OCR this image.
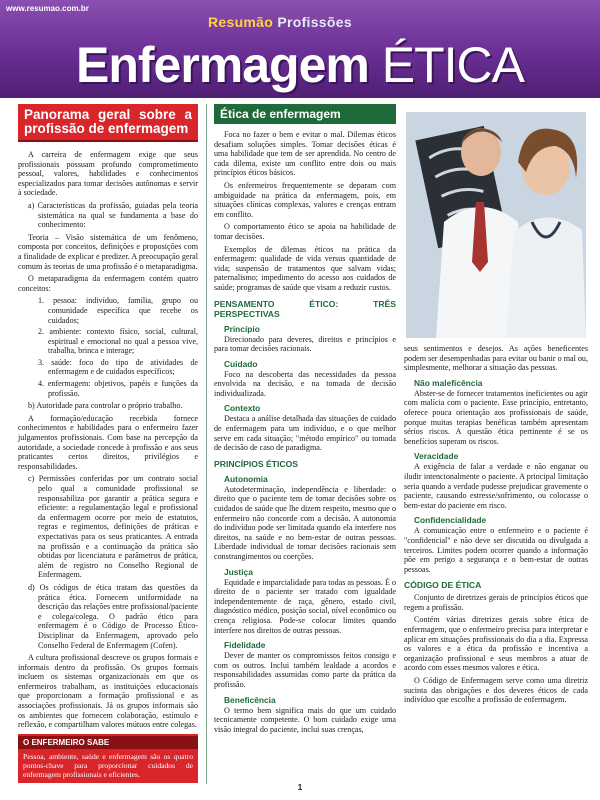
www.resumao.com.br
Resumão Profissões
Enfermagem ÉTICA
Panorama geral sobre a profissão de enfermagem

A carreira de enfermagem exige que seus profissionais possuam profundo comprometimento pessoal, valores, habilidades e conhecimentos especializados para tomar decisões autônomas e servir à sociedade.

a) Características da profissão, guiadas pela teoria sistemática na qual se fundamenta a base do conhecimento:

Teoria – Visão sistemática de um fenômeno, composta por conceitos, definições e proposições com a finalidade de explicar e predizer. A preocupação geral comum às teorias de uma profissão é o metaparadigma.

O metaparadigma da enfermagem contém quatro conceitos:

1. pessoa: indivíduo, família, grupo ou comunidade específica que recebe os cuidados;
2. ambiente: contexto físico, social, cultural, espiritual e emocional no qual a pessoa vive, trabalha, brinca e interage;
3. saúde: foco do tipo de atividades de enfermagem e de cuidados específicos;
4. enfermagem: objetivos, papéis e funções da profissão.
b) Autoridade para controlar o próprio trabalho.

A formação/educação recebida fornece conhecimentos e habilidades para o enfermeiro fazer julgamentos profissionais. Com base na percepção da autoridade, a sociedade concede à profissão e aos seus praticantes certos direitos, privilégios e responsabilidades.

c) Permissões conferidas por um contrato social pelo qual a comunidade profissional se responsabiliza por garantir a prática segura e eficiente: a regulamentação legal e profissional da enfermagem ocorre por meio de estatutos, regras e regimentos, definições de práticas e expectativas para os seus praticantes. A entrada na profissão e a continuação da prática são obtidas por licenciatura e parâmetros de prática, além de registro no Conselho Regional de Enfermagem.
d) Os códigos de ética tratam das questões da prática ética. Fornecem uniformidade na descrição das relações entre profissional/paciente e colega/colega. O padrão ético para enfermagem é o Código de Processo Ético-Disciplinar da Enfermagem, aprovado pelo Conselho Federal de Enfermagem (Cofen).

A cultura profissional descreve os grupos formais e informais dentro da profissão. Os grupos formais incluem os sistemas organizacionais em que os enfermeiros trabalham, as instituições educacionais que proporcionam a formação profissional e as associações profissionais. Já os grupos informais são os ambientes que fornecem colaboração, estímulo e reflexão, e compartilham valores mútuos entre colegas.

O ENFERMEIRO SABE
Pessoa, ambiente, saúde e enfermagem são os quatro pontos-chave para proporcionar cuidados de enfermagem profissionais e eficientes.
Ética de enfermagem

Foca no fazer o bem e evitar o mal. Dilemas éticos desafiam soluções simples. Tomar decisões éticas é uma habilidade que tem de ser aprendida. No centro de cada dilema, existe um conflito entre dois ou mais princípios éticos básicos.

Os enfermeiros frequentemente se deparam com ambiguidade na prática da enfermagem, pois, em situações clínicas complexas, valores e crenças entram em conflito.

O comportamento ético se apoia na habilidade de tomar decisões.

Exemplos de dilemas éticos na prática da enfermagem: qualidade de vida versus quantidade de vida; suspensão de tratamentos que salvam vidas; paternalismo; impedimento do acesso aos cuidados de saúde; programas de saúde que visam a reduzir custos.

PENSAMENTO ÉTICO: TRÊS PERSPECTIVAS
Princípio

Direcionado para deveres, direitos e princípios e para tomar decisões racionais.

Cuidado

Foco na descoberta das necessidades da pessoa envolvida na decisão, e na tomada de decisão individualizada.

Contexto

Destaca a análise detalhada das situações de cuidado de enfermagem para um indivíduo, e o que melhor serve em cada situação; "método empírico" ou tomada de decisão de caso de paradigma.

PRINCÍPIOS ÉTICOS
Autonomia

Autodeterminação, independência e liberdade: o direito que o paciente tem de tomar decisões sobre os cuidados de saúde que lhe dizem respeito, mesmo que o enfermeiro não concorde com a decisão. A autonomia do indivíduo pode ser limitada quando ela interfere nos direitos, na saúde e no bem-estar de outras pessoas. Liberdade individual de tomar decisões racionais sem constrangimentos ou coerções.

Justiça

Equidade e imparcialidade para todas as pessoas. É o direito de o paciente ser tratado com igualdade independentemente de raça, gênero, estado civil, diagnóstico médico, posição social, nível econômico ou crença religiosa. Pode-se colocar limites quando interfere nos direitos de outras pessoas.

Fidelidade

Dever de manter os compromissos feitos consigo e com os outros. Inclui também lealdade a acordos e responsabilidades assumidas como parte da prática da profissão.

Beneficência

O termo bem significa mais do que um cuidado tecnicamente competente. O bom cuidado exige uma visão integral do paciente, inclui suas crenças,

seus sentimentos e desejos. As ações beneficentes podem ser desempenhadas para evitar ou banir o mal ou, simplesmente, melhorar a situação das pessoas.

Não maleficência

Abster-se de fornecer tratamentos ineficientes ou agir com malícia com o paciente. Esse princípio, entretanto, oferece pouca orientação aos profissionais de saúde, porque muitas terapias benéficas também apresentam sérios riscos. A questão ética pertinente é se os benefícios superam os riscos.

Veracidade

A exigência de falar a verdade e não enganar ou iludir intencionalmente o paciente. A principal limitação seria quando a verdade pudesse prejudicar gravemente o paciente, causando estresse/sofrimento, ou colocasse o bem-estar do paciente em risco.

Confidencialidade

A comunicação entre o enfermeiro e o paciente é "confidencial" e não deve ser discutida ou divulgada a terceiros. Limites podem ocorrer quando a informação põe em perigo a segurança e o bem-estar de outras pessoas.

CÓDIGO DE ÉTICA

Conjunto de diretrizes gerais de princípios éticos que regem a profissão.

Contém várias diretrizes gerais sobre ética de enfermagem, que o enfermeiro precisa para interpretar e aplicar em situações profissionais do dia a dia. Expressa os valores e a ética da profissão e incentiva a organização profissional e seus membros a atuar de acordo com esses mesmos valores e ética.

O Código de Enfermagem serve como uma diretriz sucinta das obrigações e dos deveres éticos de cada indivíduo que escolhe a profissão de enfermagem.

1
